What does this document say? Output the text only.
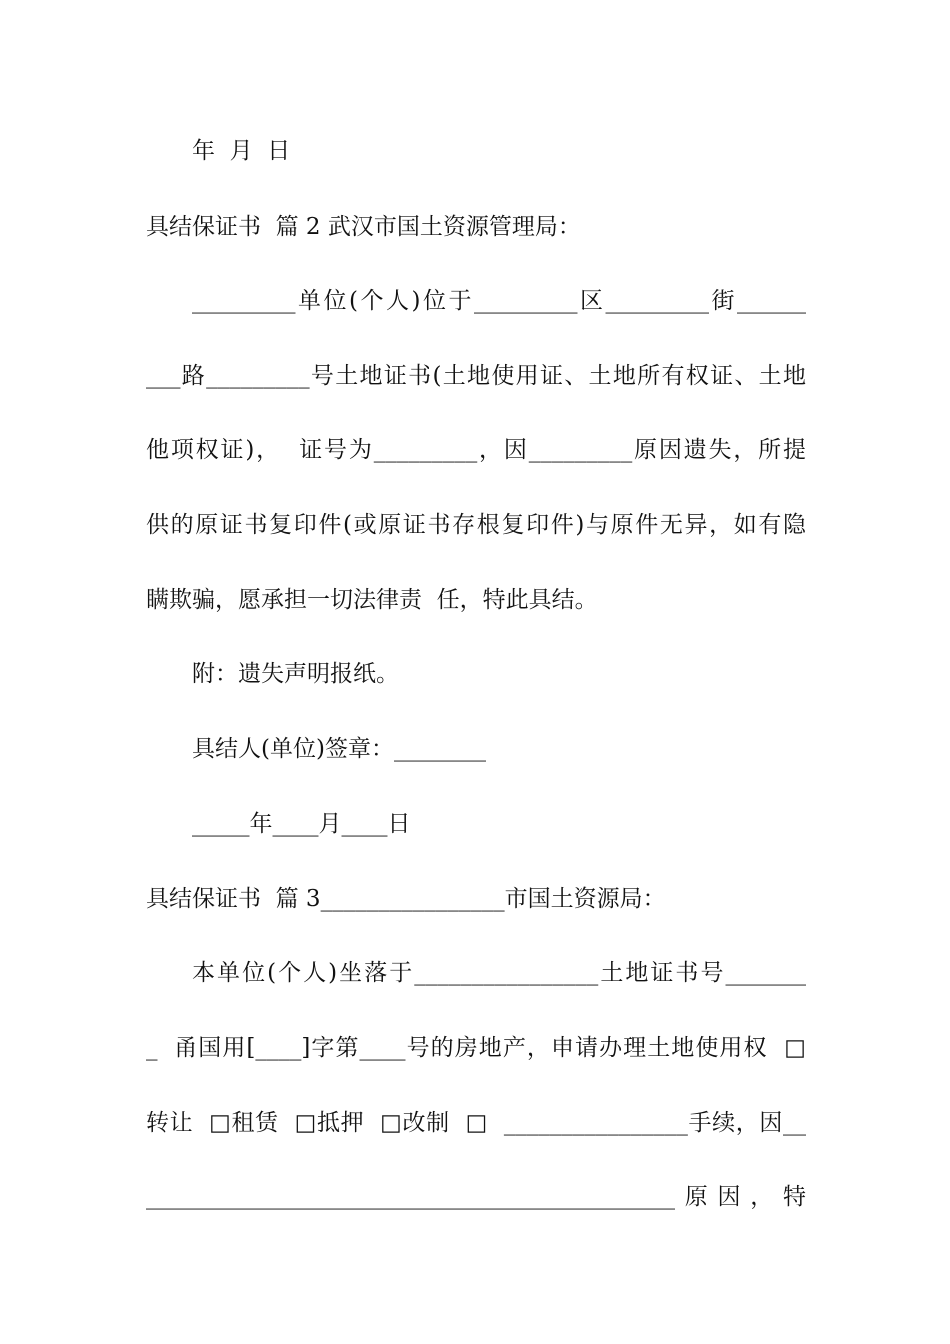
年  月  日
具结保证书  篇 2 武汉市国土资源管理局：
_________单位(个人)位于_________区_________街______
___路_________号土地证书(土地使用证、土地所有权证、土地
他项权证)，  证号为_________，因_________原因遗失，所提
供的原证书复印件(或原证书存根复印件)与原件无异，如有隐
瞒欺骗，愿承担一切法律责  任，特此具结。
附：遗失声明报纸。
具结人(单位)签章：________
_____年____月____日
具结保证书  篇 3________________市国土资源局：
本单位(个人)坐落于________________土地证书号_______
_  甬国用[____]字第____号的房地产，申请办理土地使用权  □
转让  □租赁  □抵押  □改制  □  ________________手续，因__
______________________________________________原因，特
